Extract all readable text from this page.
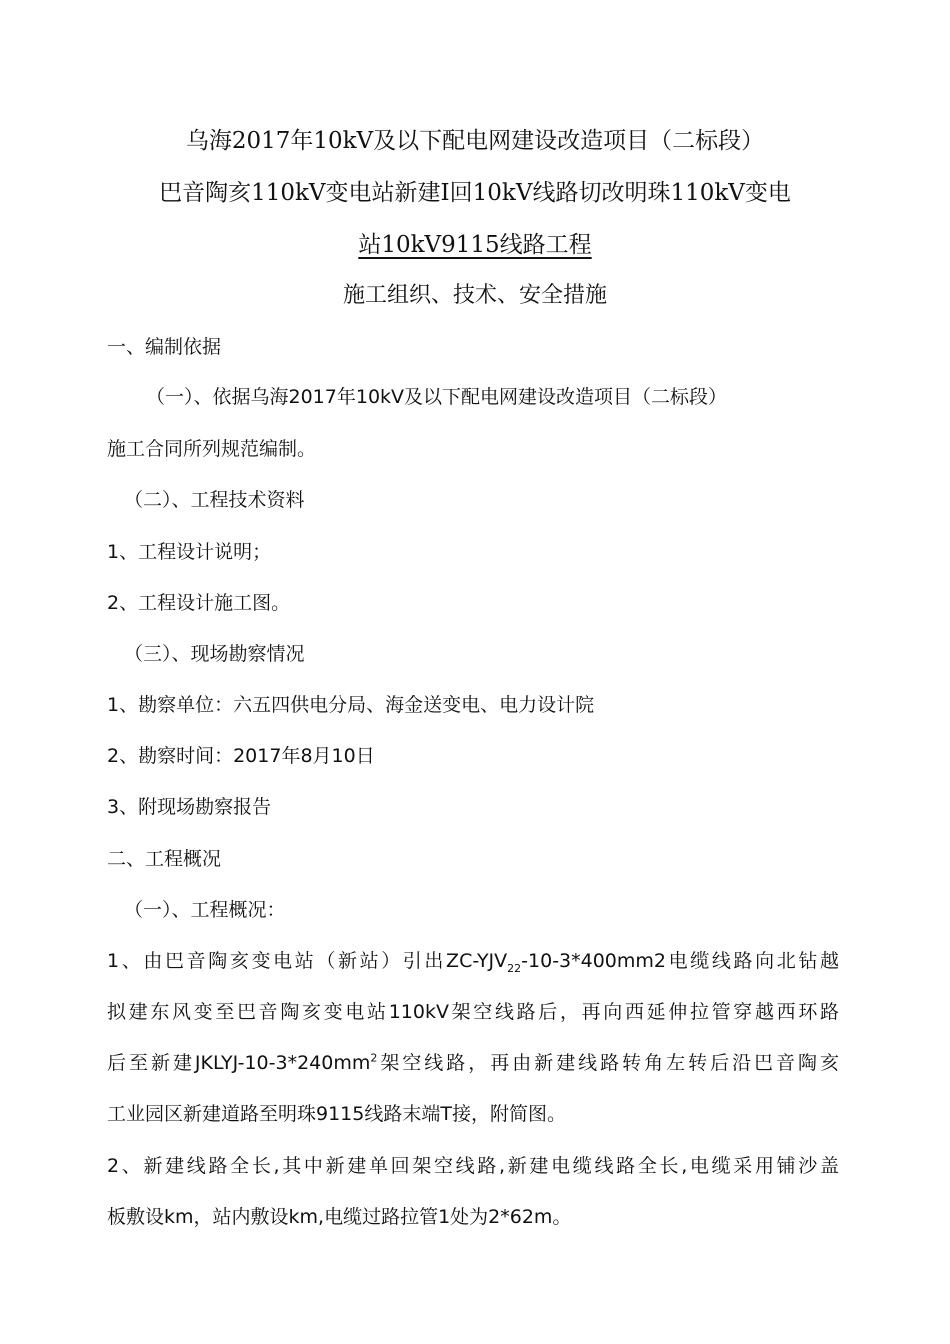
乌海2017年10kV及以下配电网建设改造项目（二标段）
巴音陶亥110kV变电站新建I回10kV线路切改明珠110kV变电
站10kV9115线路工程
施工组织、技术、安全措施
一、编制依据
（一）、依据乌海2017年10kV及以下配电网建设改造项目（二标段）
施工合同所列规范编制。
（二）、工程技术资料
1、工程设计说明；
2、工程设计施工图。
（三）、现场勘察情况
1、勘察单位：六五四供电分局、海金送变电、电力设计院
2、勘察时间：2017年8月10日
3、附现场勘察报告
二、工程概况
（一）、工程概况：
1、由巴音陶亥变电站（新站）引出$ZC-YJV_{22}-10-3*400mm2$电缆线路向北钻越
拟建东风变至巴音陶亥变电站110kV架空线路后，再向西延伸拉管穿越西环路
后至新建JKLYJ-$10-3*240mm^2$架空线路，再由新建线路转角左转后沿巴音陶亥
工业园区新建道路至明珠9115线路末端T接，附简图。
2、新建线路全长,其中新建单回架空线路,新建电缆线路全长,电缆采用铺沙盖
板敷设km，站内敷设km,电缆过路拉管1处为2*62m。
